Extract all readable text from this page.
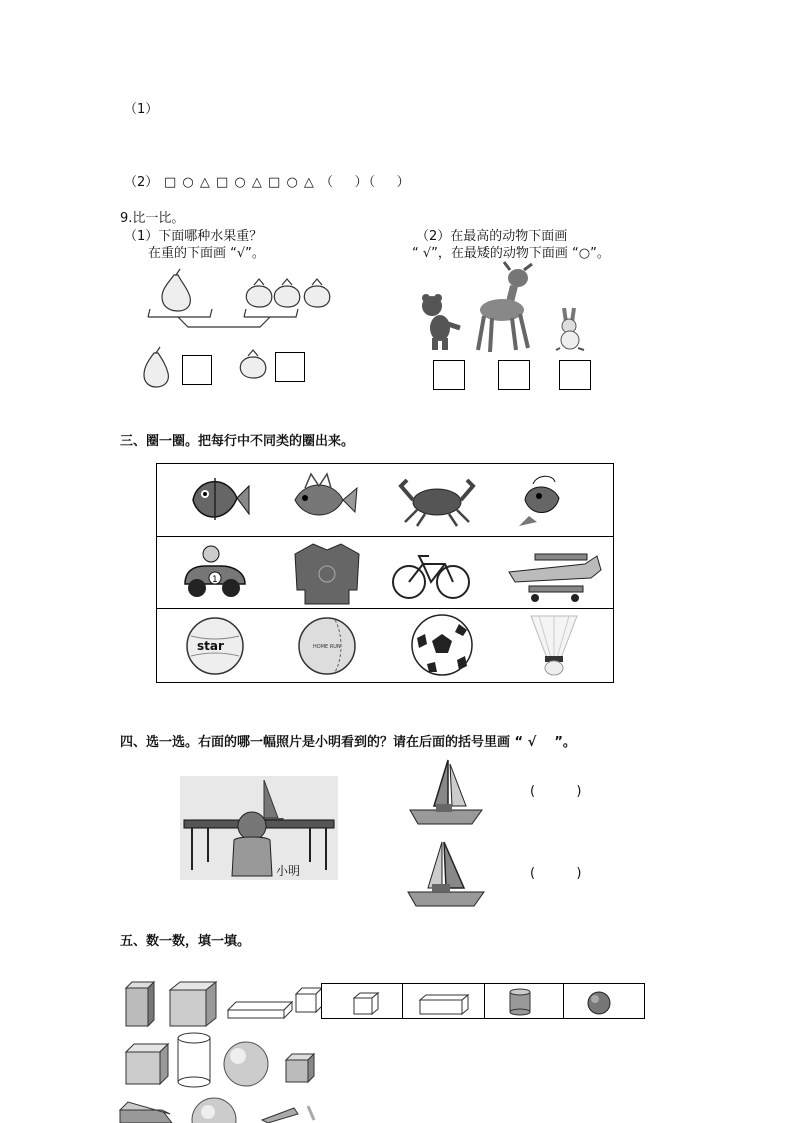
（1）
（2） □ ○ △ □ ○ △ □ ○ △ （    ）（    ）
9.比一比。
（1）下面哪种水果重？
在重的下面画 “√”。
（2）在最高的动物下面画
“ √”，在最矮的动物下面画 “○”。
三、圈一圈。把每行中不同类的圈出来。
1
star	HOME RUN
四、选一选。右面的哪一幅照片是小明看到的？请在后面的括号里画 “ √    ”。
小明
(          )
(          )
五、数一数，填一填。
